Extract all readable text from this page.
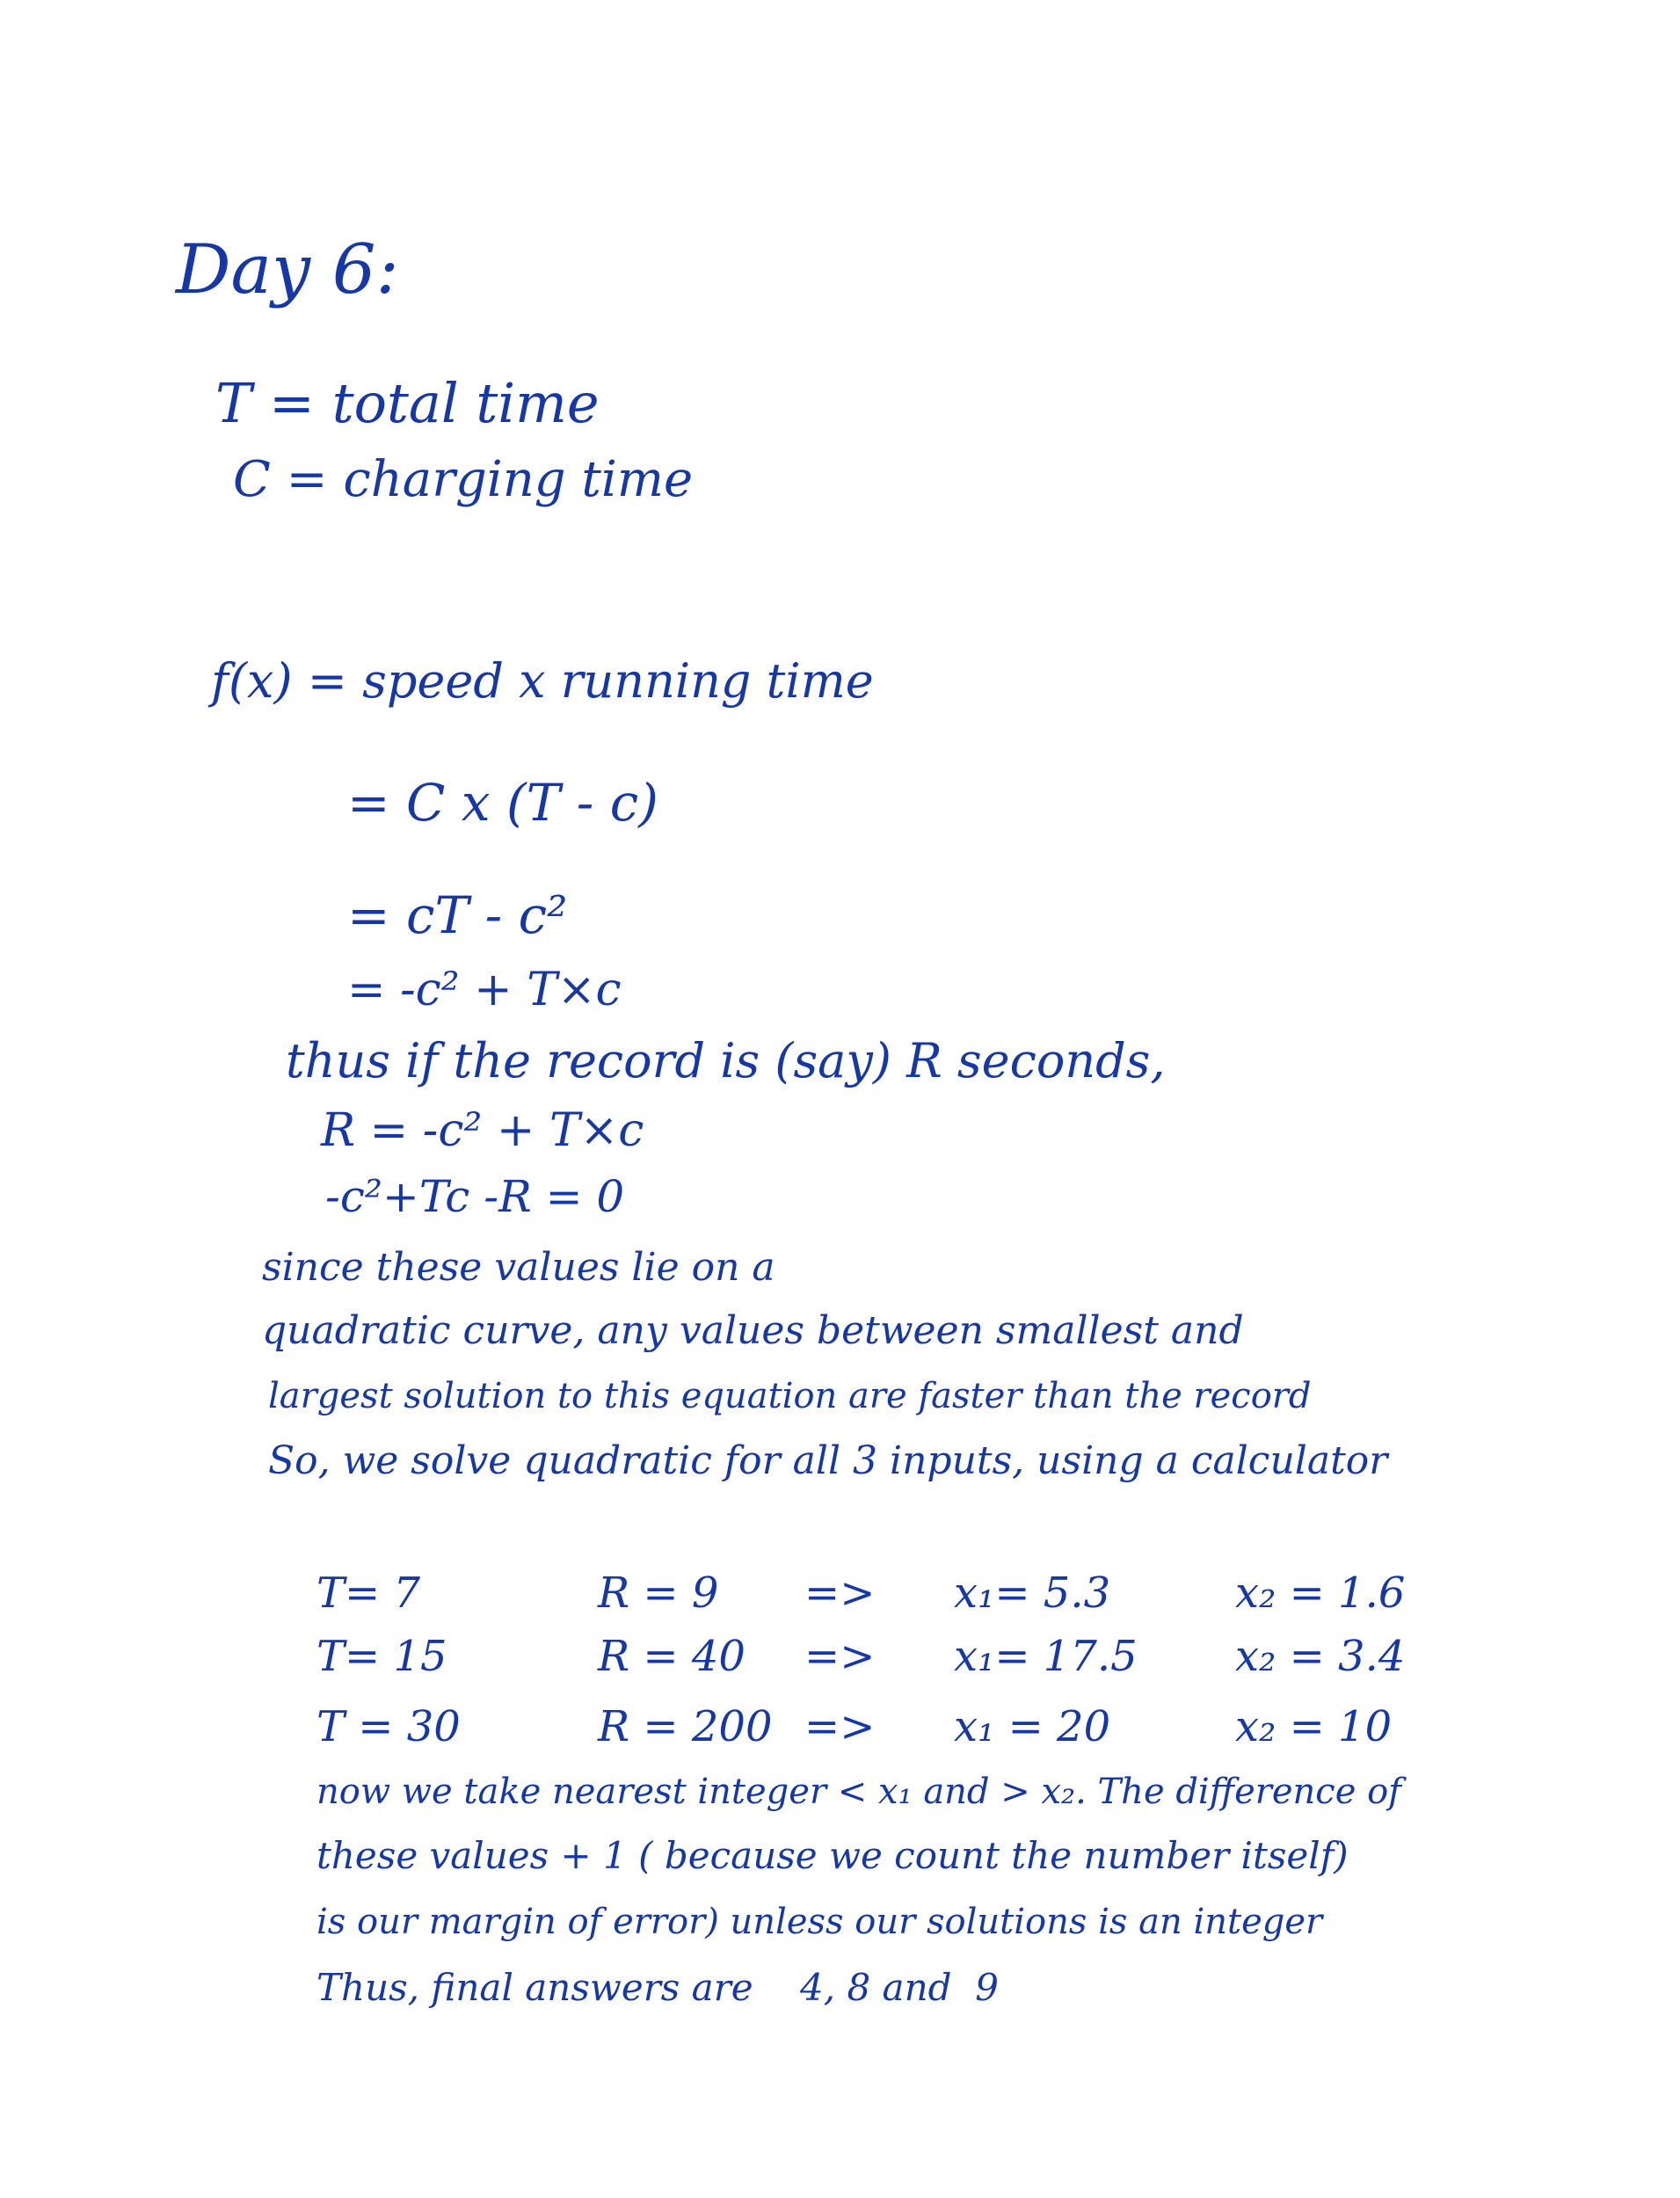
Day 6:
T = total time
C = charging time
f(x) = speed x running time
= C x (T - c)
= cT - c²
= -c² + T×c
thus if the record is (say) R seconds,
R = -c² + T×c
-c²+Tc -R = 0
since these values lie on a
quadratic curve, any values between smallest and
largest solution to this equation are faster than the record
So, we solve quadratic for all 3 inputs, using a calculator
T= 7	R = 9 => x₁= 5.3	x₂ = 1.6
T= 15	R = 40 => x₁= 17.5 x₂ = 3.4
T = 30	R = 200 => x₁ = 20	x₂ = 10
now we take nearest integer < x₁ and > x₂. The difference of
these values + 1 ( because we count the number itself)
is our margin of error) unless our solutions is an integer
Thus, final answers are    4, 8 and  9
